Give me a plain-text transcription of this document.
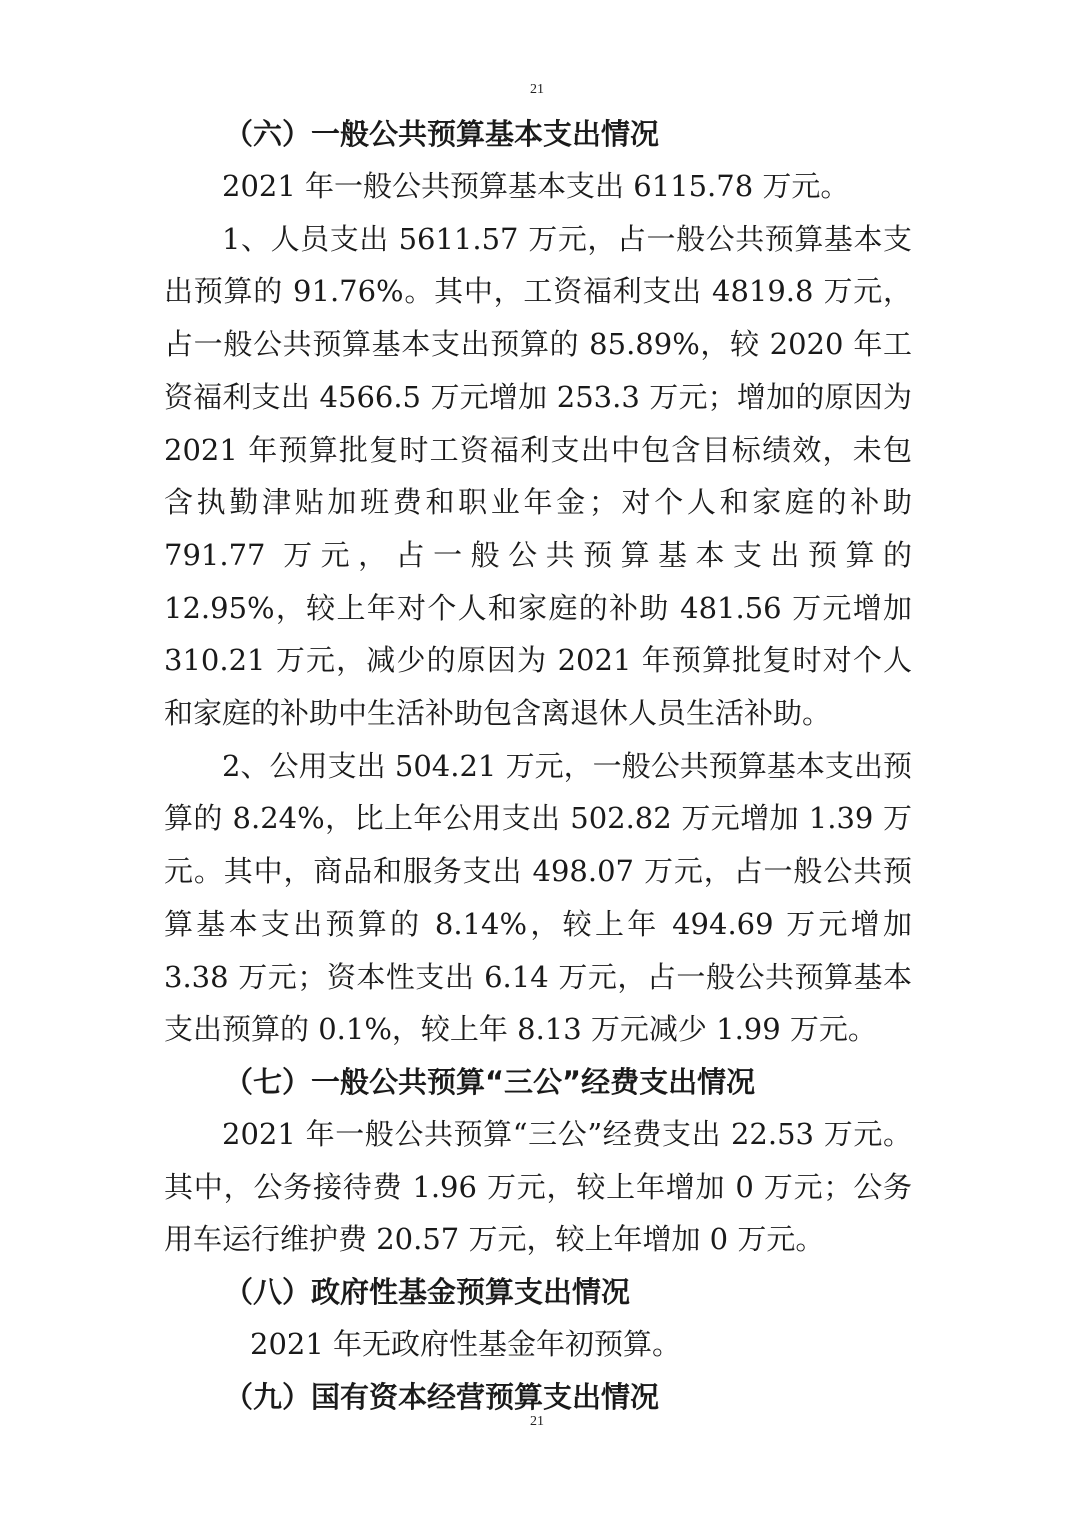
21
（六）一般公共预算基本支出情况

2021 年一般公共预算基本支出 6115.78 万元。

1、人员支出 5611.57 万元，占一般公共预算基本支出预算的 91.76%。其中，工资福利支出 4819.8 万元，占一般公共预算基本支出预算的 85.89%，较 2020 年工资福利支出 4566.5 万元增加 253.3 万元；增加的原因为 2021 年预算批复时工资福利支出中包含目标绩效，未包含执勤津贴加班费和职业年金；对个人和家庭的补助 791.77 万元，占一般公共预算基本支出预算的 12.95%，较上年对个人和家庭的补助 481.56 万元增加 310.21 万元，减少的原因为 2021 年预算批复时对个人和家庭的补助中生活补助包含离退休人员生活补助。

2、公用支出 504.21 万元，一般公共预算基本支出预算的 8.24%，比上年公用支出 502.82 万元增加 1.39 万元。其中，商品和服务支出 498.07 万元，占一般公共预算基本支出预算的 8.14%，较上年 494.69 万元增加 3.38 万元；资本性支出 6.14 万元，占一般公共预算基本支出预算的 0.1%，较上年 8.13 万元减少 1.99 万元。

（七）一般公共预算“三公”经费支出情况

2021 年一般公共预算“三公”经费支出 22.53 万元。其中，公务接待费 1.96 万元，较上年增加 0 万元；公务用车运行维护费 20.57 万元，较上年增加 0 万元。

（八）政府性基金预算支出情况

2021 年无政府性基金年初预算。

（九）国有资本经营预算支出情况
21
